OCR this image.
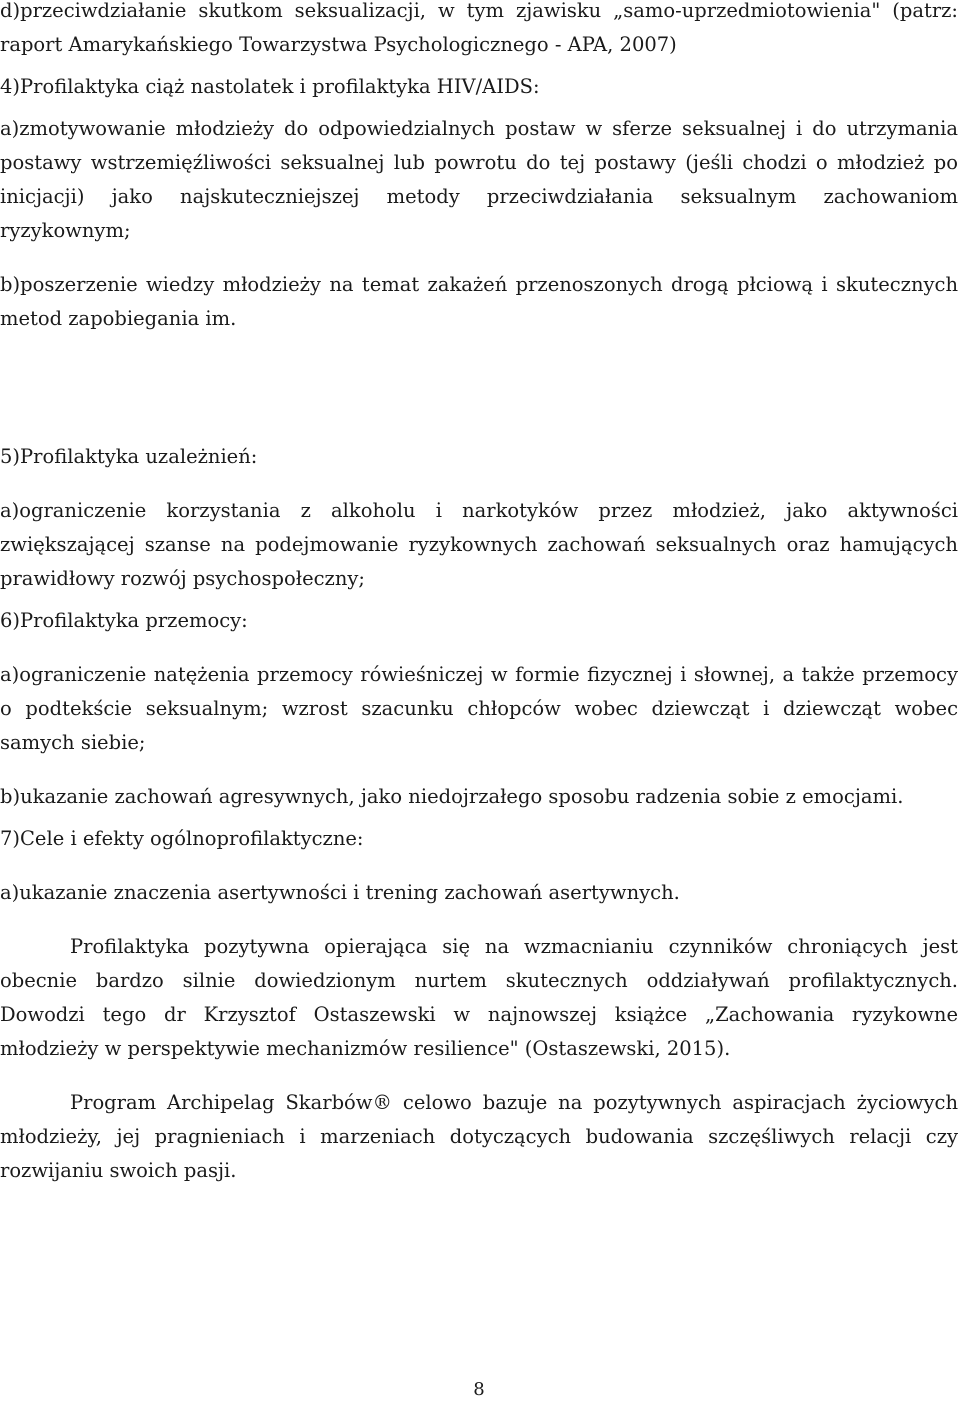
d)przeciwdziałanie skutkom seksualizacji, w tym zjawisku „samo-uprzedmiotowienia" (patrz: raport Amarykańskiego Towarzystwa Psychologicznego - APA, 2007)

4)Profilaktyka ciąż nastolatek i profilaktyka HIV/AIDS:

a)zmotywowanie młodzieży do odpowiedzialnych postaw w sferze seksualnej i do utrzymania postawy wstrzemięźliwości seksualnej lub powrotu do tej postawy (jeśli chodzi o młodzież po inicjacji) jako najskuteczniejszej metody przeciwdziałania seksualnym zachowaniom ryzykownym;

b)poszerzenie wiedzy młodzieży na temat zakażeń przenoszonych drogą płciową i skutecznych metod zapobiegania im.

5)Profilaktyka uzależnień:

a)ograniczenie korzystania z alkoholu i narkotyków przez młodzież, jako aktywności zwiększającej szanse na podejmowanie ryzykownych zachowań seksualnych oraz hamujących prawidłowy rozwój psychospołeczny;

6)Profilaktyka przemocy:

a)ograniczenie natężenia przemocy rówieśniczej w formie fizycznej i słownej, a także przemocy o podtekście seksualnym; wzrost szacunku chłopców wobec dziewcząt i dziewcząt wobec samych siebie;

b)ukazanie zachowań agresywnych, jako niedojrzałego sposobu radzenia sobie z emocjami.

7)Cele i efekty ogólnoprofilaktyczne:

a)ukazanie znaczenia asertywności i trening zachowań asertywnych.

Profilaktyka pozytywna opierająca się na wzmacnianiu czynników chroniących jest obecnie bardzo silnie dowiedzionym nurtem skutecznych oddziaływań profilaktycznych. Dowodzi tego dr Krzysztof Ostaszewski w najnowszej książce „Zachowania ryzykowne młodzieży w perspektywie mechanizmów resilience" (Ostaszewski, 2015).

Program Archipelag Skarbów® celowo bazuje na pozytywnych aspiracjach życiowych młodzieży, jej pragnieniach i marzeniach dotyczących budowania szczęśliwych relacji czy rozwijaniu swoich pasji.

8
